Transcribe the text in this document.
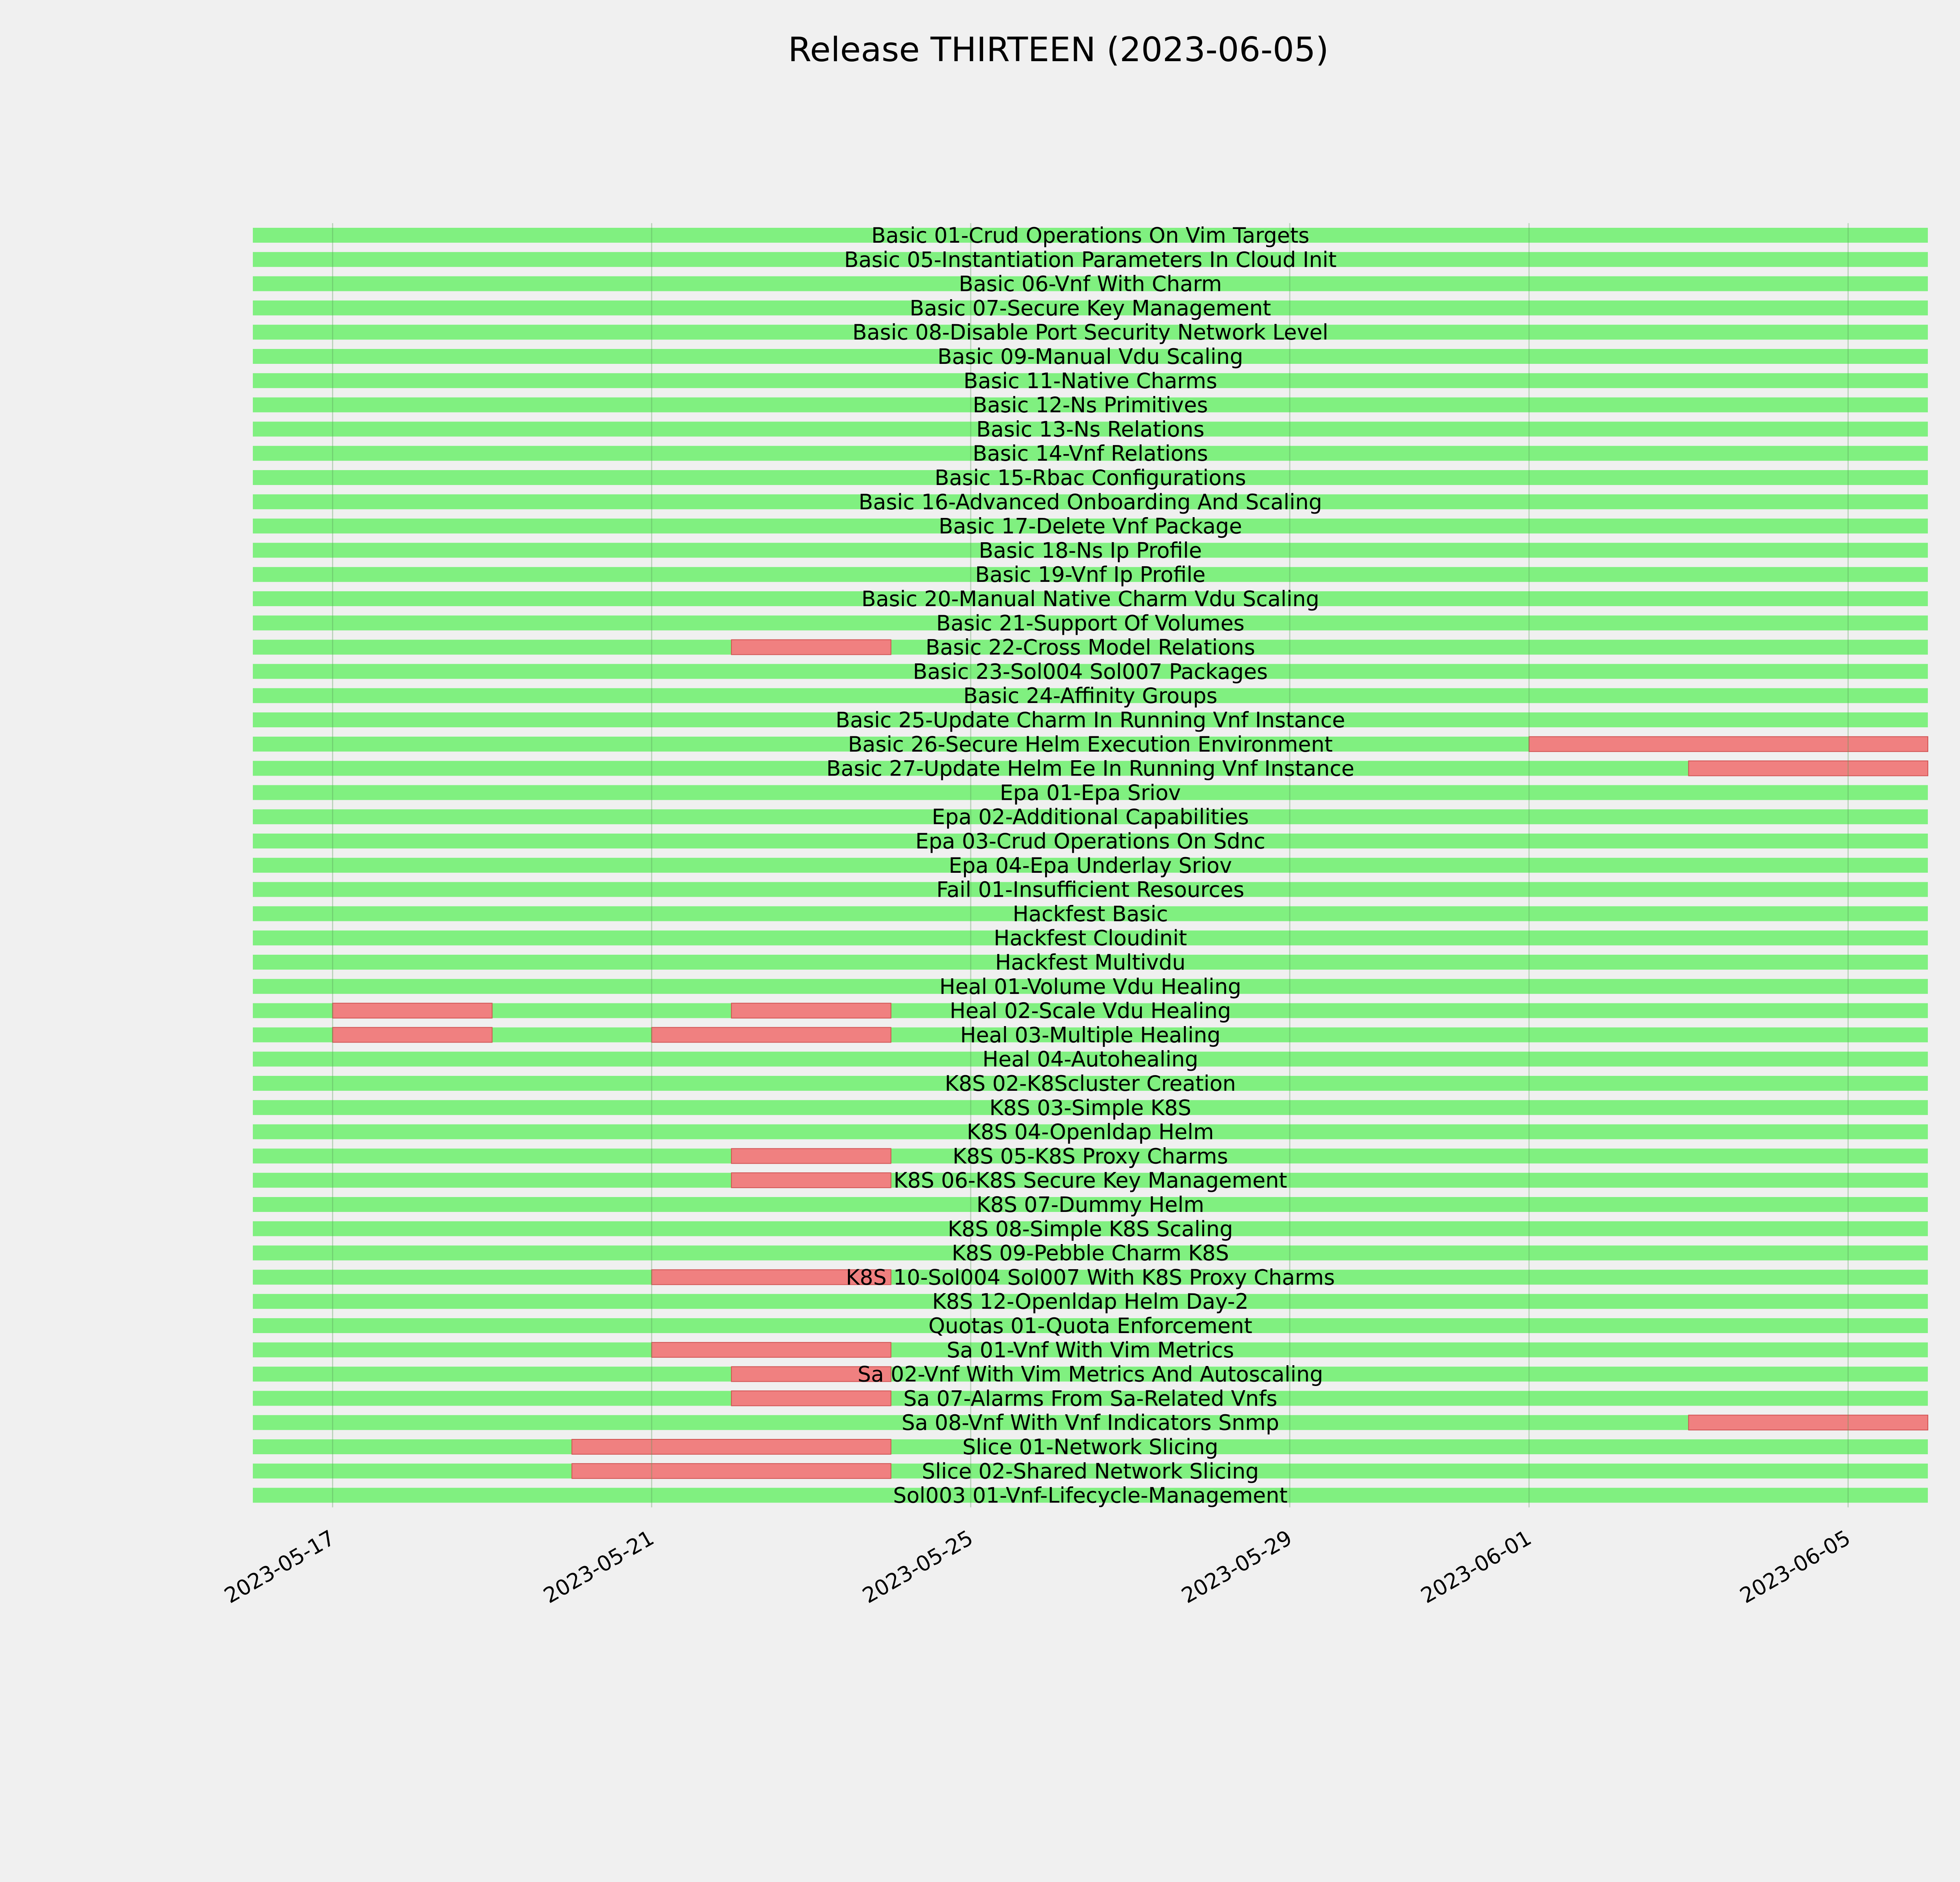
Release THIRTEEN (2023-06-05)
Basic 01-Crud Operations On Vim Targets
Basic 05-Instantiation Parameters In Cloud Init
Basic 06-Vnf With Charm
Basic 07-Secure Key Management
Basic 08-Disable Port Security Network Level
Basic 09-Manual Vdu Scaling
Basic 11-Native Charms
Basic 12-Ns Primitives
Basic 13-Ns Relations
Basic 14-Vnf Relations
Basic 15-Rbac Configurations
Basic 16-Advanced Onboarding And Scaling
Basic 17-Delete Vnf Package
Basic 18-Ns Ip Profile
Basic 19-Vnf Ip Profile
Basic 20-Manual Native Charm Vdu Scaling
Basic 21-Support Of Volumes
Basic 22-Cross Model Relations
Basic 23-Sol004 Sol007 Packages
Basic 24-Affinity Groups
Basic 25-Update Charm In Running Vnf Instance
Basic 26-Secure Helm Execution Environment
Basic 27-Update Helm Ee In Running Vnf Instance
Epa 01-Epa Sriov
Epa 02-Additional Capabilities
Epa 03-Crud Operations On Sdnc
Epa 04-Epa Underlay Sriov
Fail 01-Insufficient Resources
Hackfest Basic
Hackfest Cloudinit
Hackfest Multivdu
Heal 01-Volume Vdu Healing
Heal 02-Scale Vdu Healing
Heal 03-Multiple Healing
Heal 04-Autohealing
K8S 02-K8Scluster Creation
K8S 03-Simple K8S
K8S 04-Openldap Helm
K8S 05-K8S Proxy Charms
K8S 06-K8S Secure Key Management
K8S 07-Dummy Helm
K8S 08-Simple K8S Scaling
K8S 09-Pebble Charm K8S
K8S 10-Sol004 Sol007 With K8S Proxy Charms
K8S 12-Openldap Helm Day-2
Quotas 01-Quota Enforcement
Sa 01-Vnf With Vim Metrics
Sa 02-Vnf With Vim Metrics And Autoscaling
Sa 07-Alarms From Sa-Related Vnfs
Sa 08-Vnf With Vnf Indicators Snmp
Slice 01-Network Slicing
Slice 02-Shared Network Slicing
Sol003 01-Vnf-Lifecycle-Management
2023-05-17	2023-05-21	2023-05-25	2023-05-29	2023-06-01	2023-06-05
